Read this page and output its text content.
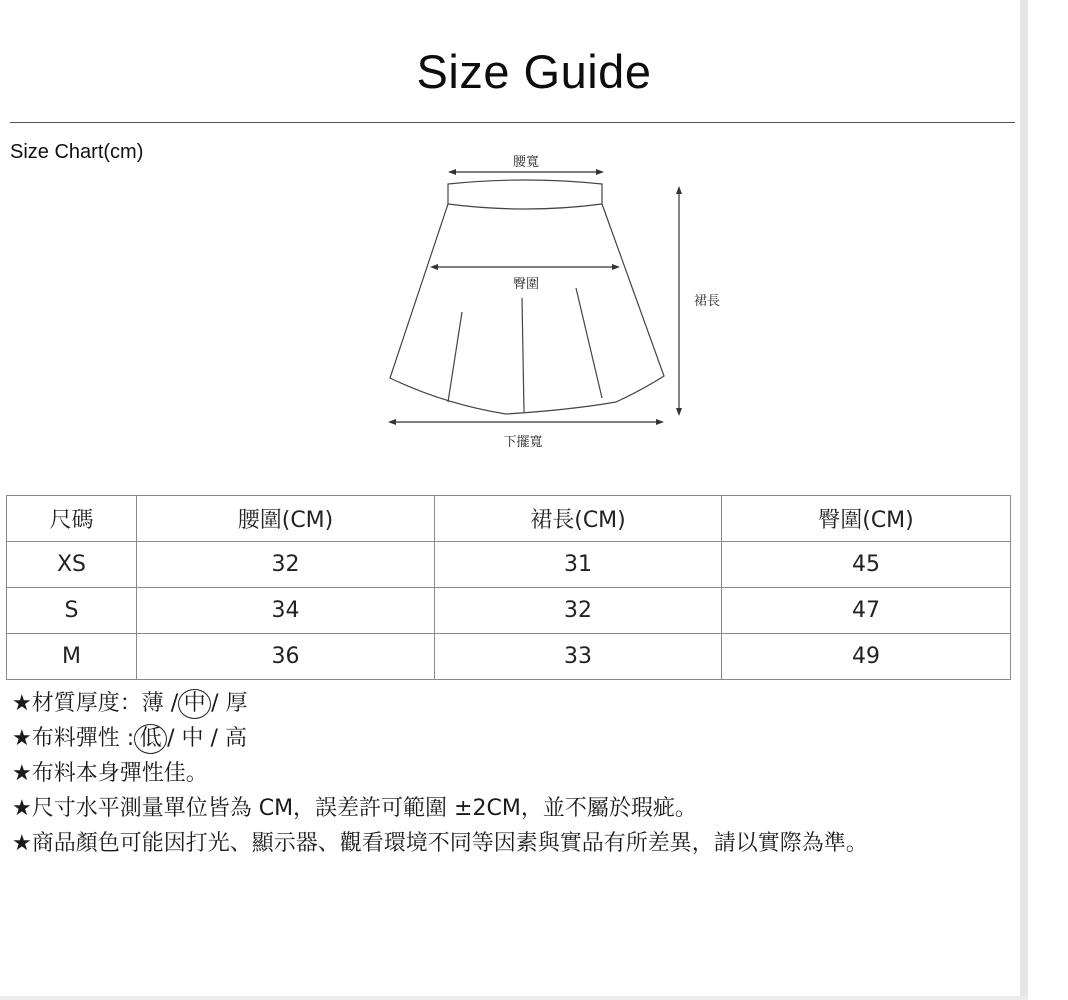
Size Guide
Size Chart(cm)	腰寬
臀圍
裙長
下擺寬
尺碼	腰圍(CM)	裙長(CM)	臀圍(CM)
XS	32	31	45
S	34	32	47
M	36	33	49
★材質厚度：薄 / 中 / 厚
★布料彈性 : 低 / 中 / 高
★布料本身彈性佳。
★尺寸水平測量單位皆為 CM，誤差許可範圍 ±2CM，並不屬於瑕疵。
★商品顏色可能因打光、顯示器、觀看環境不同等因素與實品有所差異，請以實際為準。
